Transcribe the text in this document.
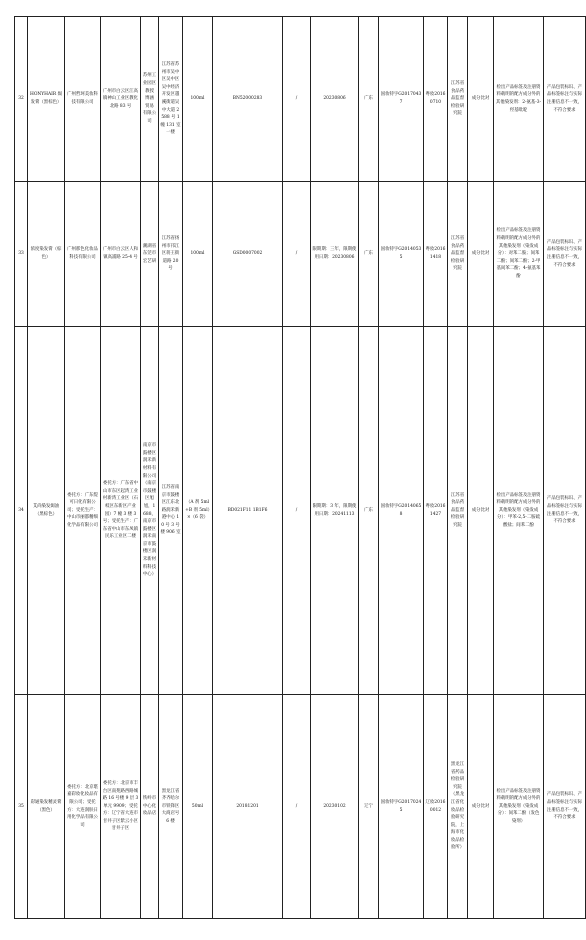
32	HONYHAIR 焗发膏（黑棕色）	广州哲珂美妆科技有限公司	广州市白云区江高镇神山工业区教化北路 83 号	苏州工业园区 教授 博涵 贸易 有限公司	江苏省苏州市吴中区吴中区吴中经济开发区越溪街道吴中大道 2588 号 1 幢 131 室一楼	100ml	BN52000283	/	20230806	广东	国妆特字G20170437	粤妆20160710	江苏省食品药品监督检验研究院	成分比对	检出产品标签及注册资料载明的配方成分外的其他染发剂：2-氨基-3-羟基吡啶	产品包装标识、产品标签标注与实际注册信息不一致，不符合要求
33	浓度染发膏（棕色）	广州那色化妆品科技有限公司	广州市白云区人和镇高浦路 25-4 号	潮湖省东莞市宏艺研	江苏省扬州市邗江区蒋王街道路 20 号	100ml	GSD0007002	/	限期期：三年，限期使用日期：20230806	广东	国妆特字G20140535	粤妆20161418	江苏省食品药品监督检验研究院	成分比对	检出产品标签及注册资料载明的配方成分外的其他染发剂（染发成分）：对苯二胺；间苯二酚；间苯二酚；2-甲基间苯二酚；4-氨基苯酚	产品包装标识、产品标签标注与实际注册信息不一致，不符合要求
34	艾尚染发焗油（黑棕色）	委托方：广东缇可日化有限公司；受托生产：中山市丽都精细化学品有限公司	委托方：广东省中山市东区起湾工业村新湾工业区（石岐区东新区产业园）7 幢 3 楼 3 号；受托生产：广东省中山市东凤镇民乐工业区二楼	南京市鼓楼区润禾新材料有限公司（南京市鼓楼区旭旭，1688，南京市鼓楼区润禾南京市鼓楼区润禾新材料科技中心）	江苏省南京市鼓楼区江东北路润禾新港中心 10 号 3 号楼 906 室	（A 剂 5ml+B 剂 5ml）×（6 袋）	BD021F11 1B1F6	/	限期期：3 年，限期使用日期：20241113	广东	国妆特字G20140658	粤妆20161427	江苏省食品药品监督检验研究院	成分比对	检出产品标签及注册资料载明的配方成分外的其他染发剂（染发成分）：甲苯-2,5-二胺硫酸盐；间苯二酚	产品包装标识、产品标签标注与实际注册信息不一致，不符合要求
35	彩通染发精灵膏（黑色）	委托方：北京堪嘉彩妆化妆品有限公司；受托方：大连润肤日用化学品有限公司	委托方：北京市丰台区南苑路西路城路 16 号楼 9 层 3 单元 9909；受托方：辽宁省大连市甘井子区紫云小区甘井子区	铁岭市中心化妆品店	黑龙江省齐齐哈尔市铁锋区大商店号 6 楼	50ml	20181201	/	20230102	辽宁	国妆特字G20170245	辽妆20160012	黑龙江省药品检验研究院（黑龙江省化妆品检验研究院，上海市化妆品检验所）	成分比对	检出产品标签及注册资料载明的配方成分外的其他染发剂（染发成分）：间苯二酚（发色染剂）	产品包装标识、产品标签标注与实际注册信息不一致，不符合要求
